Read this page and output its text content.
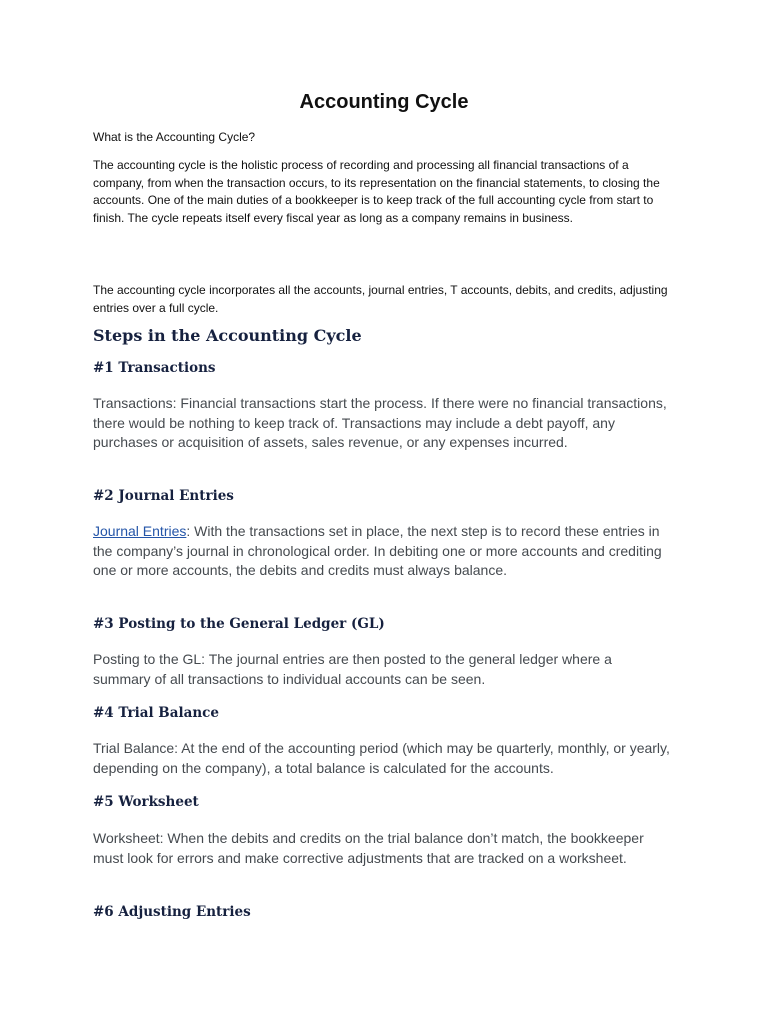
Accounting Cycle

What is the Accounting Cycle?

The accounting cycle is the holistic process of recording and processing all financial transactions of a company, from when the transaction occurs, to its representation on the financial statements, to closing the accounts. One of the main duties of a bookkeeper is to keep track of the full accounting cycle from start to finish. The cycle repeats itself every fiscal year as long as a company remains in business.

The accounting cycle incorporates all the accounts, journal entries, T accounts, debits, and credits, adjusting entries over a full cycle.

Steps in the Accounting Cycle
#1 Transactions

Transactions: Financial transactions start the process. If there were no financial transactions, there would be nothing to keep track of. Transactions may include a debt payoff, any purchases or acquisition of assets, sales revenue, or any expenses incurred.

#2 Journal Entries

Journal Entries: With the transactions set in place, the next step is to record these entries in the company’s journal in chronological order. In debiting one or more accounts and crediting one or more accounts, the debits and credits must always balance.

#3 Posting to the General Ledger (GL)

Posting to the GL: The journal entries are then posted to the general ledger where a summary of all transactions to individual accounts can be seen.

#4 Trial Balance

Trial Balance: At the end of the accounting period (which may be quarterly, monthly, or yearly, depending on the company), a total balance is calculated for the accounts.

#5 Worksheet

Worksheet: When the debits and credits on the trial balance don’t match, the bookkeeper must look for errors and make corrective adjustments that are tracked on a worksheet.

#6 Adjusting Entries
